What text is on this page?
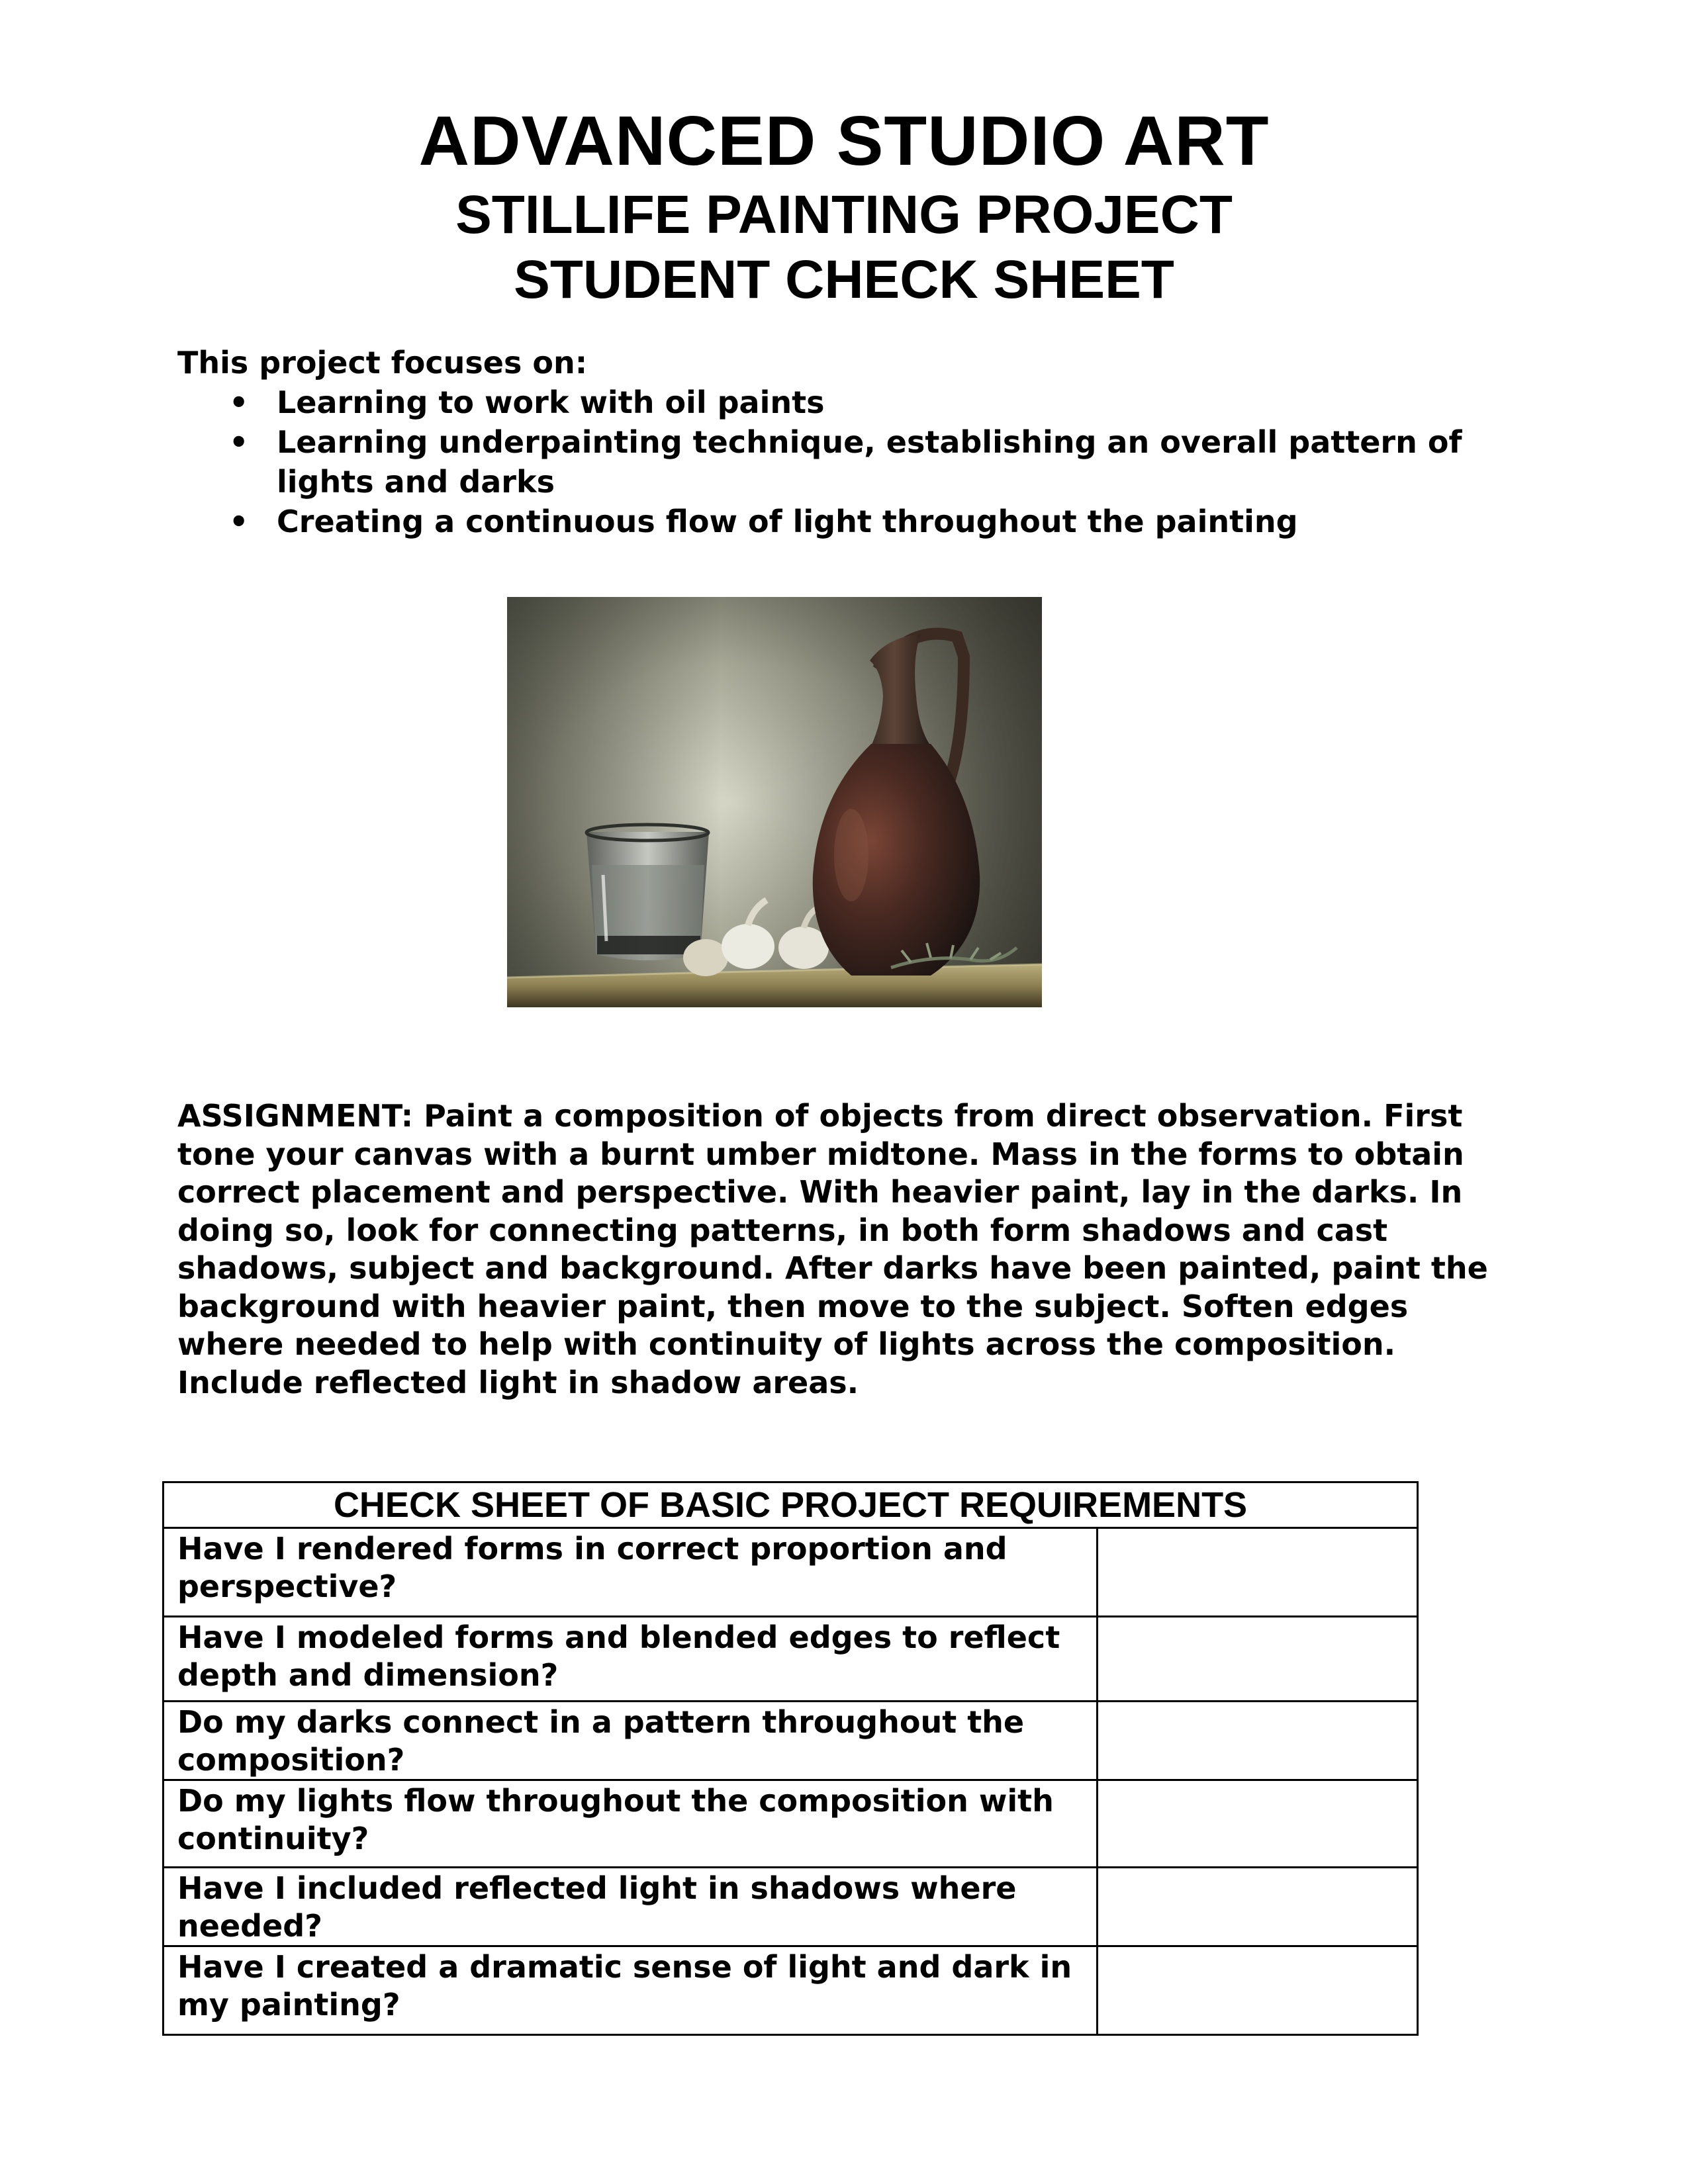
ADVANCED STUDIO ART
STILLIFE PAINTING PROJECT
STUDENT CHECK SHEET

This project focuses on:

• Learning to work with oil paints
• Learning underpainting technique, establishing an overall pattern of lights and darks
• Creating a continuous flow of light throughout the painting

ASSIGNMENT: Paint a composition of objects from direct observation. First tone your canvas with a burnt umber midtone. Mass in the forms to obtain correct placement and perspective. With heavier paint, lay in the darks. In doing so, look for connecting patterns, in both form shadows and cast shadows, subject and background. After darks have been painted, paint the background with heavier paint, then move to the subject. Soften edges where needed to help with continuity of lights across the composition. Include reflected light in shadow areas.

CHECK SHEET OF BASIC PROJECT REQUIREMENTS	
Have I rendered forms in correct proportion and perspective?	
Have I modeled forms and blended edges to reflect depth and dimension?	
Do my darks connect in a pattern throughout the composition?	
Do my lights flow throughout the composition with continuity?	
Have I included reflected light in shadows where needed?	
Have I created a dramatic sense of light and dark in my painting?	
